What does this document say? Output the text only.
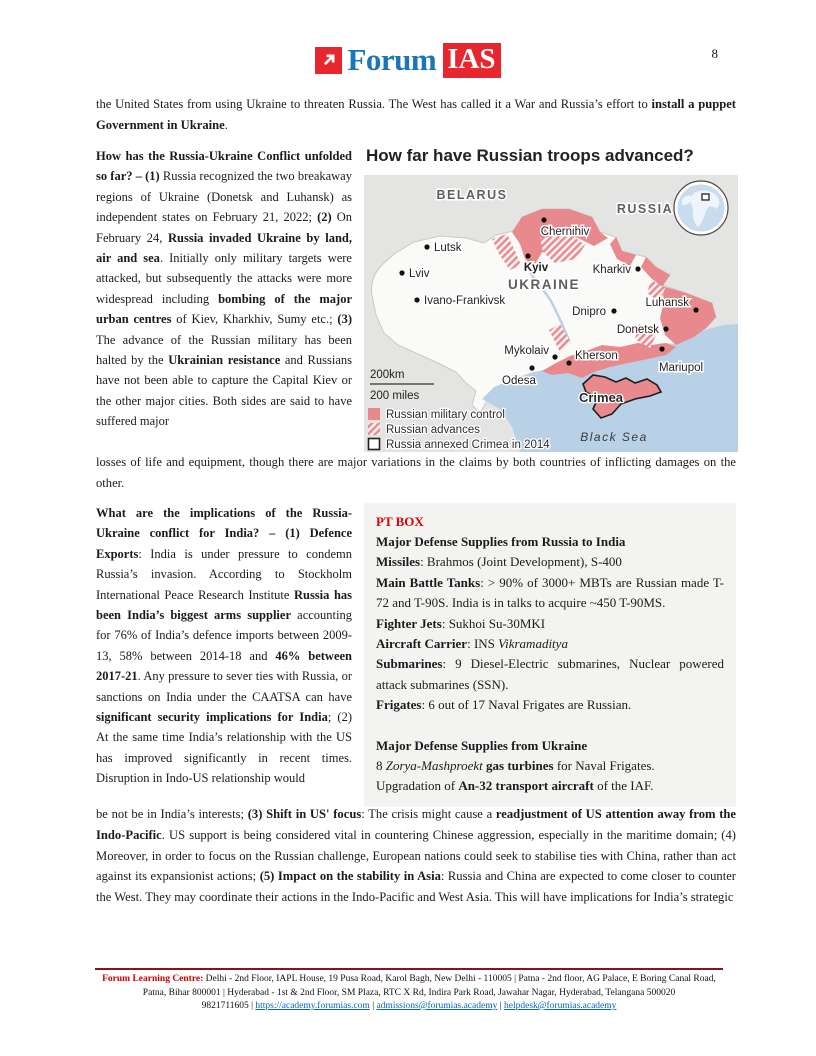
Forum IAS	8

the United States from using Ukraine to threaten Russia. The West has called it a War and Russia’s effort to install a puppet Government in Ukraine.

How has the Russia-Ukraine Conflict unfolded so far? – (1) Russia recognized the two breakaway regions of Ukraine (Donetsk and Luhansk) as independent states on February 21, 2022; (2) On February 24, Russia invaded Ukraine by land, air and sea. Initially only military targets were attacked, but subsequently the attacks were more widespread including bombing of the major urban centres of Kiev, Kharkhiv, Sumy etc.; (3) The advance of the Russian military has been halted by the Ukrainian resistance and Russians have not been able to capture the Capital Kiev or the other major cities. Both sides are said to have suffered major

How far have Russian troops advanced?

BELARUS
RUSSIA
UKRAINE
Lutsk
Lviv
Ivano-Frankivsk
Chernihiv
Kyiv	Kharkiv
Dnipro
Luhansk
Donetsk
Mykolaiv Kherson
Mariupol
Odesa
Crimea
Black Sea
200km
200 miles
Russian military control
Russian advances
Russia annexed Crimea in 2014

losses of life and equipment, though there are major variations in the claims by both countries of inflicting damages on the other.

What are the implications of the Russia-Ukraine conflict for India? – (1) Defence Exports: India is under pressure to condemn Russia’s invasion. According to Stockholm International Peace Research Institute Russia has been India’s biggest arms supplier accounting for 76% of India’s defence imports between 2009-13, 58% between 2014-18 and 46% between 2017-21. Any pressure to sever ties with Russia, or sanctions on India under the CAATSA can have significant security implications for India; (2) At the same time India’s relationship with the US has improved significantly in recent times. Disruption in Indo-US relationship would

PT BOX

Major Defense Supplies from Russia to India

Missiles: Brahmos (Joint Development), S-400

Main Battle Tanks: > 90% of 3000+ MBTs are Russian made T-72 and T-90S. India is in talks to acquire ~450 T-90MS.

Fighter Jets: Sukhoi Su-30MKI

Aircraft Carrier: INS Vikramaditya

Submarines: 9 Diesel-Electric submarines, Nuclear powered attack submarines (SSN).

Frigates: 6 out of 17 Naval Frigates are Russian.

Major Defense Supplies from Ukraine

8 Zorya-Mashproekt gas turbines for Naval Frigates.

Upgradation of An-32 transport aircraft of the IAF.

be not be in India’s interests; (3) Shift in US' focus: The crisis might cause a readjustment of US attention away from the Indo-Pacific. US support is being considered vital in countering Chinese aggression, especially in the maritime domain; (4) Moreover, in order to focus on the Russian challenge, European nations could seek to stabilise ties with China, rather than act against its expansionist actions; (5) Impact on the stability in Asia: Russia and China are expected to come closer to counter the West. They may coordinate their actions in the Indo-Pacific and West Asia. This will have implications for India’s strategic

Forum Learning Centre: Delhi - 2nd Floor, IAPL House, 19 Pusa Road, Karol Bagh, New Delhi - 110005 | Patna - 2nd floor, AG Palace, E Boring Canal Road,
Patna, Bihar 800001 | Hyderabad - 1st & 2nd Floor, SM Plaza, RTC X Rd, Indira Park Road, Jawahar Nagar, Hyderabad, Telangana 500020
9821711605 | https://academy.forumias.com | admissions@forumias.academy | helpdesk@forumias.academy
